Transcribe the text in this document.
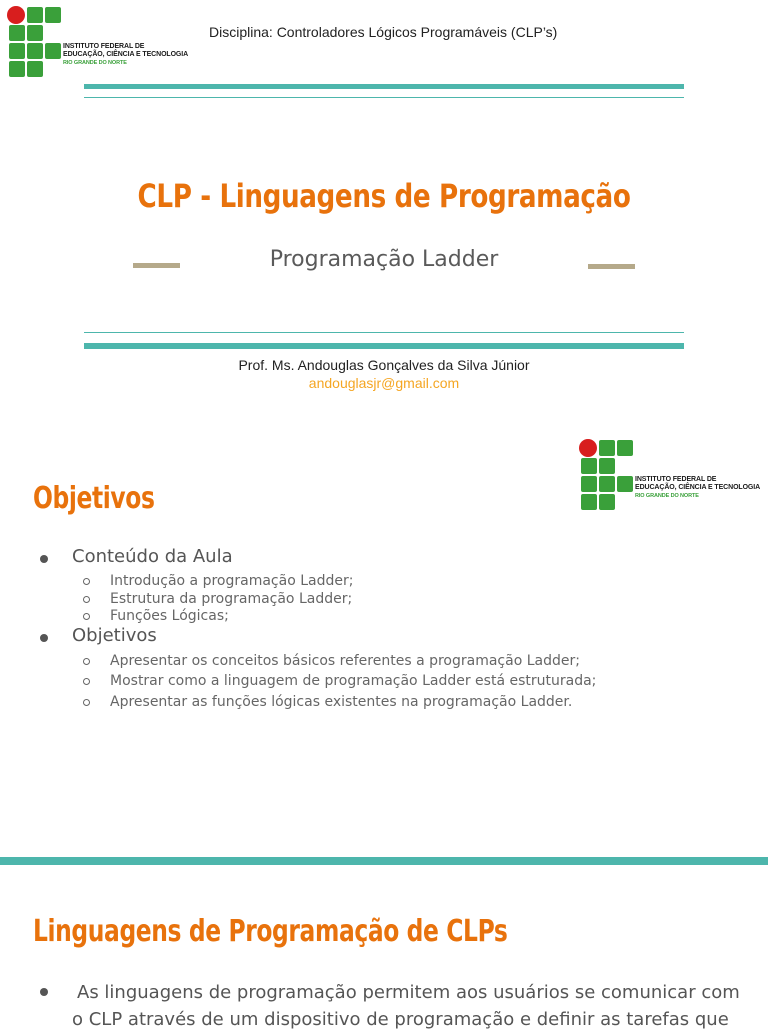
INSTITUTO FEDERAL DE
EDUCAÇÃO, CIÊNCIA E TECNOLOGIA
RIO GRANDE DO NORTE
Disciplina: Controladores Lógicos Programáveis (CLP’s)
CLP - Linguagens de Programação
Programação Ladder
Prof. Ms. Andouglas Gonçalves da Silva Júnior
andouglasjr@gmail.com
INSTITUTO FEDERAL DE
EDUCAÇÃO, CIÊNCIA E TECNOLOGIA
RIO GRANDE DO NORTE
Objetivos
Conteúdo da Aula
Introdução a programação Ladder;
Estrutura da programação Ladder;
Funções Lógicas;
Objetivos
Apresentar os conceitos básicos referentes a programação Ladder;
Mostrar como a linguagem de programação Ladder está estruturada;
Apresentar as funções lógicas existentes na programação Ladder.
Linguagens de Programação de CLPs
As linguagens de programação permitem aos usuários se comunicar com o CLP através de um dispositivo de programação e definir as tarefas que
